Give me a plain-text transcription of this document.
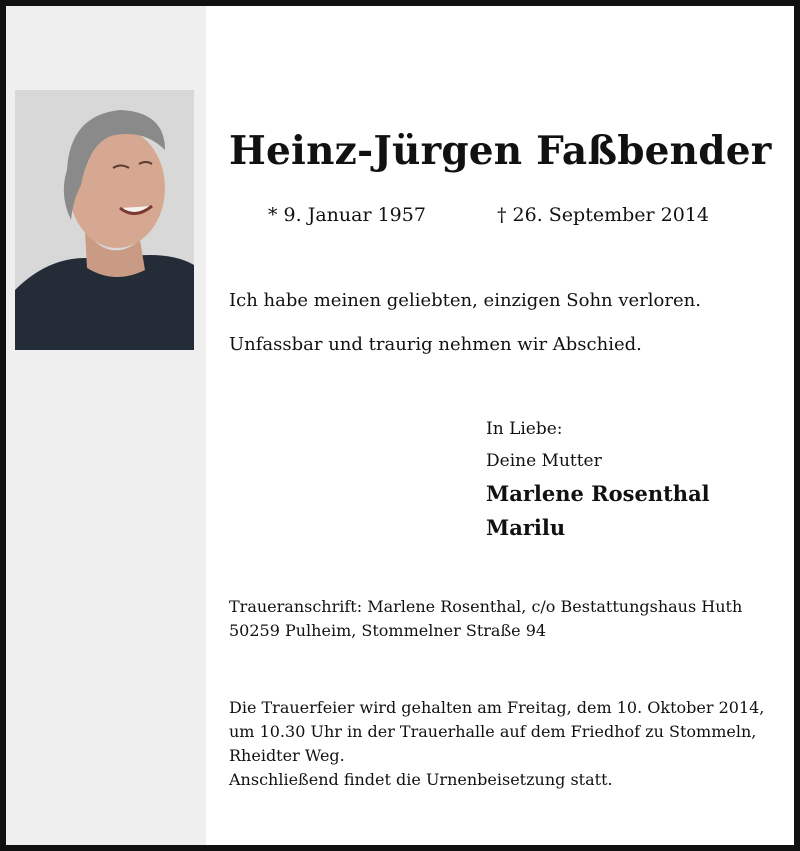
Heinz-Jürgen Faßbender
* 9. Januar 1957	† 26. September 2014
Ich habe meinen geliebten, einzigen Sohn verloren.
Unfassbar und traurig nehmen wir Abschied.
In Liebe:
Deine Mutter
Marlene Rosenthal
Marilu
Traueranschrift: Marlene Rosenthal, c/o Bestattungshaus Huth
50259 Pulheim, Stommelner Straße 94
Die Trauerfeier wird gehalten am Freitag, dem 10. Oktober 2014,
um 10.30 Uhr in der Trauerhalle auf dem Friedhof zu Stommeln,
Rheidter Weg.
Anschließend findet die Urnenbeisetzung statt.
